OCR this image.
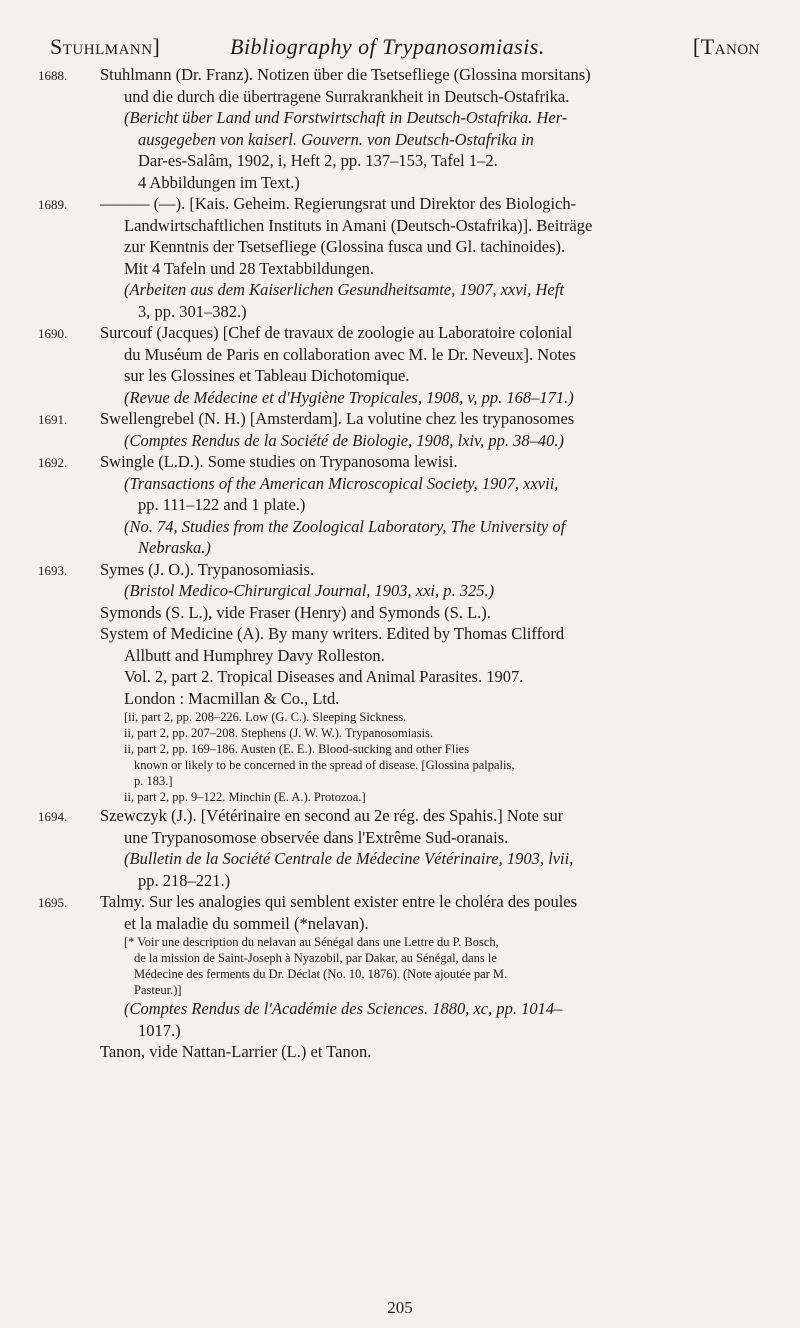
Stuhlmann]	Bibliography of Trypanosomiasis.	[Tanon
1688. Stuhlmann (Dr. Franz). Notizen über die Tsetsefliege (Glossina morsitans)
und die durch die übertragene Surrakrankheit in Deutsch-Ostafrika.
(Bericht über Land und Forstwirtschaft in Deutsch-Ostafrika. Her-
ausgegeben von kaiserl. Gouvern. von Deutsch-Ostafrika in
Dar-es-Salâm, 1902, i, Heft 2, pp. 137–153, Tafel 1–2.
4 Abbildungen im Text.)
1689. ——— (—). [Kais. Geheim. Regierungsrat und Direktor des Biologich-
Landwirtschaftlichen Instituts in Amani (Deutsch-Ostafrika)]. Beiträge
zur Kenntnis der Tsetsefliege (Glossina fusca und Gl. tachinoides).
Mit 4 Tafeln und 28 Textabbildungen.
(Arbeiten aus dem Kaiserlichen Gesundheitsamte, 1907, xxvi, Heft
3, pp. 301–382.)
1690. Surcouf (Jacques) [Chef de travaux de zoologie au Laboratoire colonial
du Muséum de Paris en collaboration avec M. le Dr. Neveux]. Notes
sur les Glossines et Tableau Dichotomique.
(Revue de Médecine et d'Hygiène Tropicales, 1908, v, pp. 168–171.)
1691. Swellengrebel (N. H.) [Amsterdam]. La volutine chez les trypanosomes
(Comptes Rendus de la Société de Biologie, 1908, lxiv, pp. 38–40.)
1692. Swingle (L.D.). Some studies on Trypanosoma lewisi.
(Transactions of the American Microscopical Society, 1907, xxvii,
pp. 111–122 and 1 plate.)
(No. 74, Studies from the Zoological Laboratory, The University of
Nebraska.)
1693. Symes (J. O.). Trypanosomiasis.
(Bristol Medico-Chirurgical Journal, 1903, xxi, p. 325.)
Symonds (S. L.), vide Fraser (Henry) and Symonds (S. L.).
System of Medicine (A). By many writers. Edited by Thomas Clifford
Allbutt and Humphrey Davy Rolleston.
Vol. 2, part 2. Tropical Diseases and Animal Parasites. 1907.
London : Macmillan & Co., Ltd.
[ii, part 2, pp. 208–226. Low (G. C.). Sleeping Sickness.
ii, part 2, pp. 207–208. Stephens (J. W. W.). Trypanosomiasis.
ii, part 2, pp. 169–186. Austen (E. E.). Blood-sucking and other Flies
known or likely to be concerned in the spread of disease. [Glossina palpalis,
p. 183.]
ii, part 2, pp. 9–122. Minchin (E. A.). Protozoa.]
1694. Szewczyk (J.). [Vétérinaire en second au 2e rég. des Spahis.] Note sur
une Trypanosomose observée dans l'Extrême Sud-oranais.
(Bulletin de la Société Centrale de Médecine Vétérinaire, 1903, lvii,
pp. 218–221.)
1695. Talmy. Sur les analogies qui semblent exister entre le choléra des poules
et la maladie du sommeil (*nelavan).
[* Voir une description du nelavan au Sénégal dans une Lettre du P. Bosch,
de la mission de Saint-Joseph à Nyazobil, par Dakar, au Sénégal, dans le
Médecine des ferments du Dr. Déclat (No. 10, 1876). (Note ajoutée par M.
Pasteur.)]
(Comptes Rendus de l'Académie des Sciences. 1880, xc, pp. 1014–
1017.)
Tanon, vide Nattan-Larrier (L.) et Tanon.
205
